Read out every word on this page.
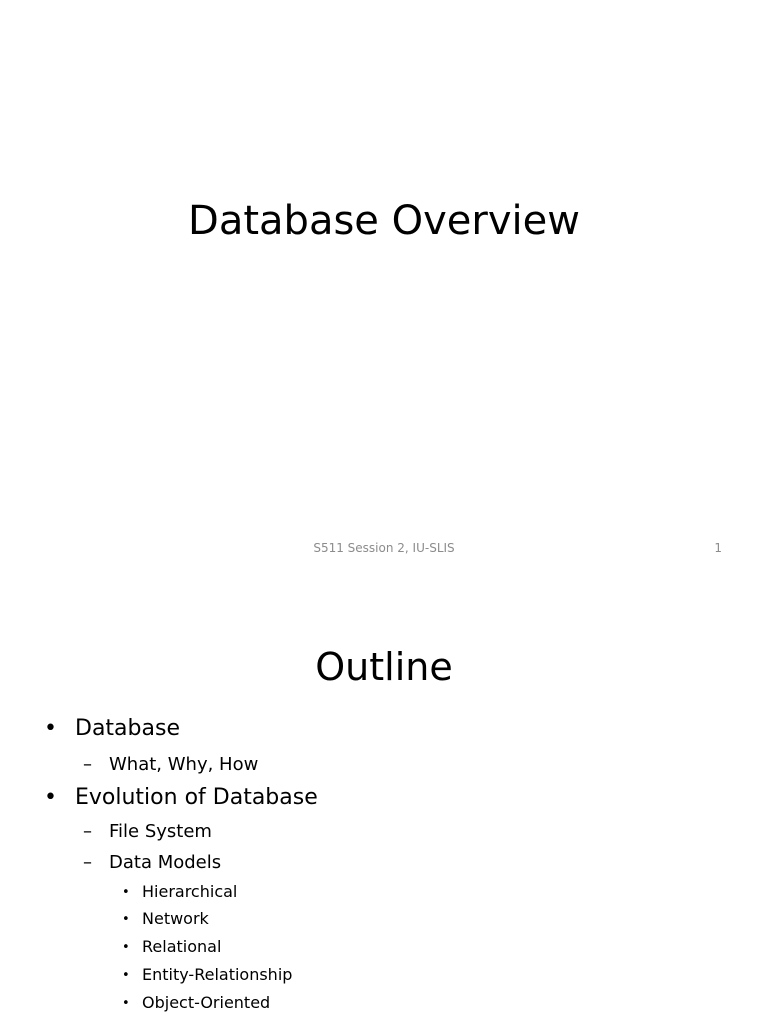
Database Overview
S511 Session 2, IU-SLIS	1
Outline
• Database
– What, Why, How
• Evolution of Database
– File System
– Data Models
• Hierarchical
• Network
• Relational
• Entity-Relationship
• Object-Oriented
